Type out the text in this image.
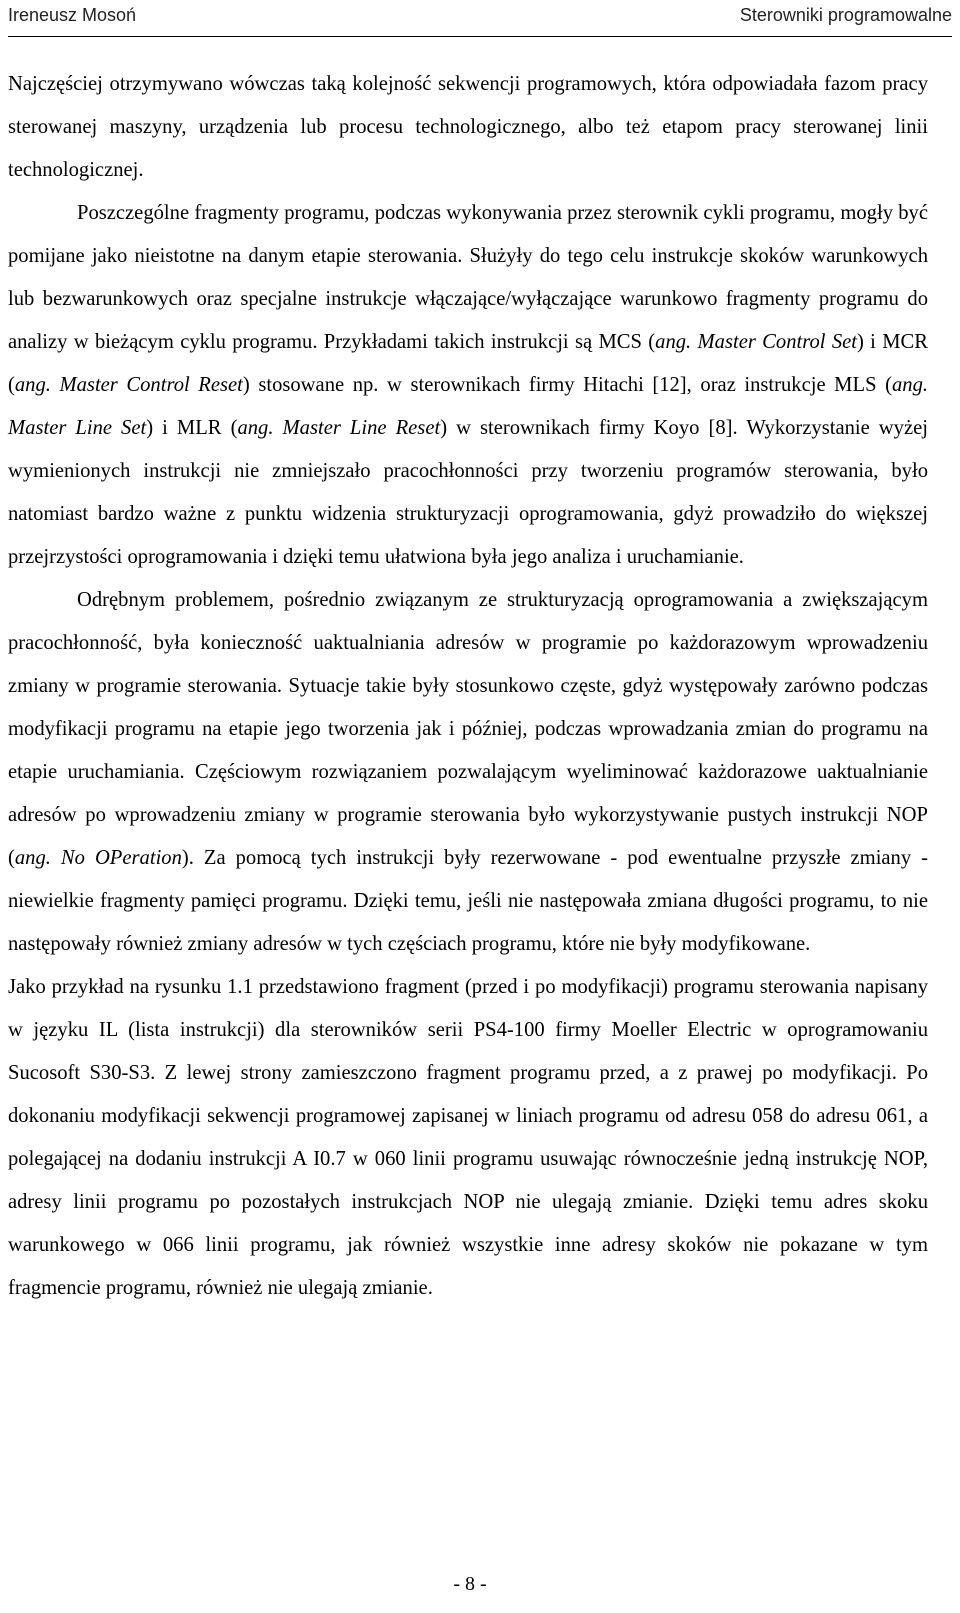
Ireneusz Mosoń	Sterowniki programowalne

Najczęściej otrzymywano wówczas taką kolejność sekwencji programowych, która odpowiadała fazom pracy sterowanej maszyny, urządzenia lub procesu technologicznego, albo też etapom pracy sterowanej linii technologicznej.

Poszczególne fragmenty programu, podczas wykonywania przez sterownik cykli programu, mogły być pomijane jako nieistotne na danym etapie sterowania. Służyły do tego celu instrukcje skoków warunkowych lub bezwarunkowych oraz specjalne instrukcje włączające/wyłączające warunkowo fragmenty programu do analizy w bieżącym cyklu programu. Przykładami takich instrukcji są MCS (ang. Master Control Set) i MCR (ang. Master Control Reset) stosowane np. w sterownikach firmy Hitachi [12], oraz instrukcje MLS (ang. Master Line Set) i MLR (ang. Master Line Reset) w sterownikach firmy Koyo [8]. Wykorzystanie wyżej wymienionych instrukcji nie zmniejszało pracochłonności przy tworzeniu programów sterowania, było natomiast bardzo ważne z punktu widzenia strukturyzacji oprogramowania, gdyż prowadziło do większej przejrzystości oprogramowania i dzięki temu ułatwiona była jego analiza i uruchamianie.

Odrębnym problemem, pośrednio związanym ze strukturyzacją oprogramowania a zwiększającym pracochłonność, była konieczność uaktualniania adresów w programie po każdorazowym wprowadzeniu zmiany w programie sterowania. Sytuacje takie były stosunkowo częste, gdyż występowały zarówno podczas modyfikacji programu na etapie jego tworzenia jak i później, podczas wprowadzania zmian do programu na etapie uruchamiania. Częściowym rozwiązaniem pozwalającym wyeliminować każdorazowe uaktualnianie adresów po wprowadzeniu zmiany w programie sterowania było wykorzystywanie pustych instrukcji NOP (ang. No OPeration). Za pomocą tych instrukcji były rezerwowane - pod ewentualne przyszłe zmiany - niewielkie fragmenty pamięci programu. Dzięki temu, jeśli nie następowała zmiana długości programu, to nie następowały również zmiany adresów w tych częściach programu, które nie były modyfikowane.

Jako przykład na rysunku 1.1 przedstawiono fragment (przed i po modyfikacji) programu sterowania napisany w języku IL (lista instrukcji) dla sterowników serii PS4-100 firmy Moeller Electric w oprogramowaniu Sucosoft S30-S3. Z lewej strony zamieszczono fragment programu przed, a z prawej po modyfikacji. Po dokonaniu modyfikacji sekwencji programowej zapisanej w liniach programu od adresu 058 do adresu 061, a polegającej na dodaniu instrukcji A I0.7 w 060 linii programu usuwając równocześnie jedną instrukcję NOP, adresy linii programu po pozostałych instrukcjach NOP nie ulegają zmianie. Dzięki temu adres skoku warunkowego w 066 linii programu, jak również wszystkie inne adresy skoków nie pokazane w tym fragmencie programu, również nie ulegają zmianie.

- 8 -
